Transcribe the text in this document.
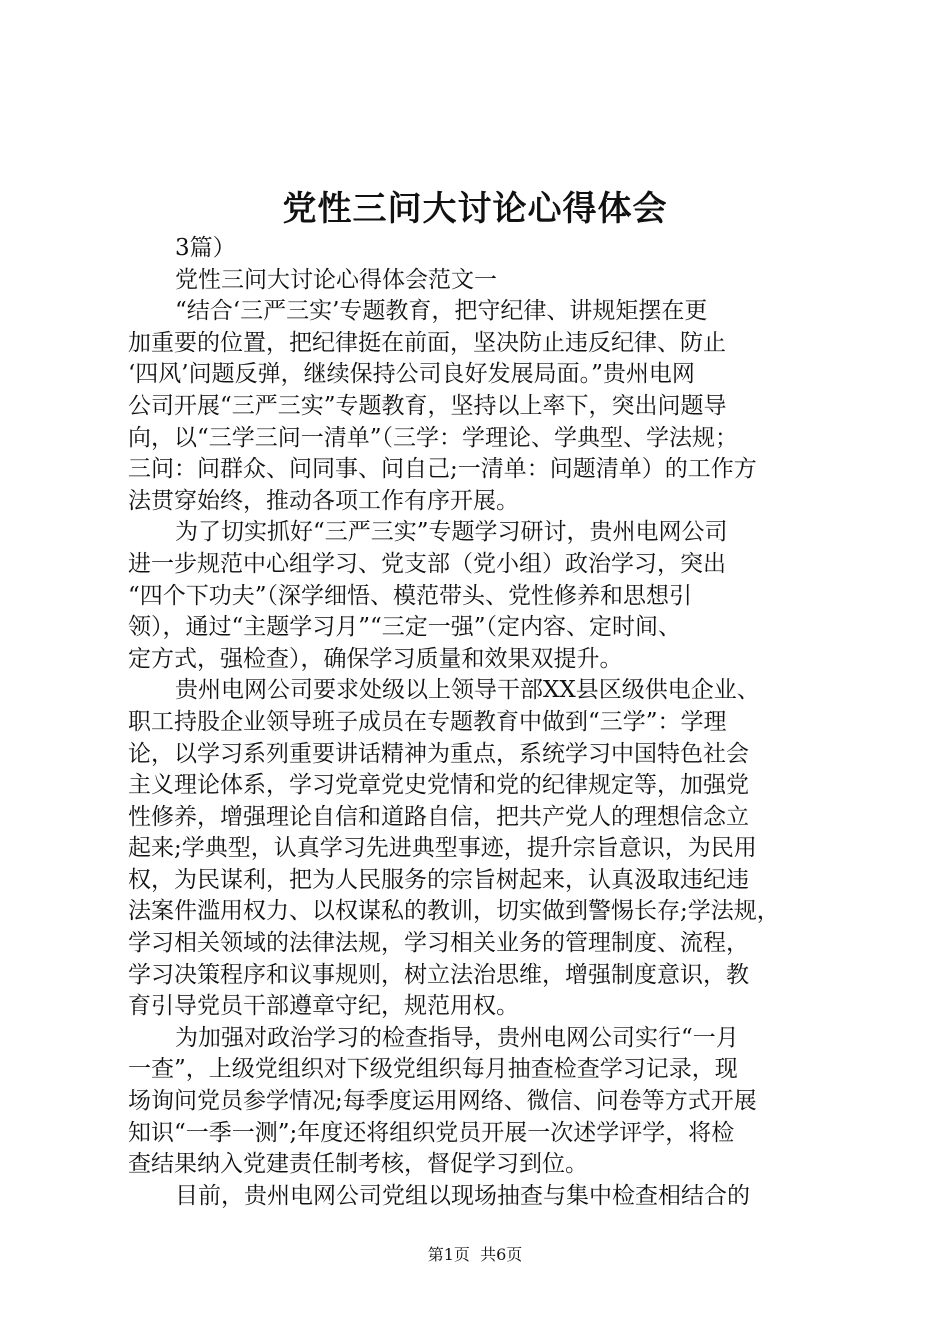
党性三问大讨论心得体会
3篇）
党性三问大讨论心得体会范文一
“结合‘三严三实’专题教育，把守纪律、讲规矩摆在更
加重要的位置，把纪律挺在前面，坚决防止违反纪律、防止
‘四风’问题反弹，继续保持公司良好发展局面。”贵州电网
公司开展“三严三实”专题教育，坚持以上率下，突出问题导
向，以“三学三问一清单”（三学：学理论、学典型、学法规；
三问：问群众、问同事、问自己;一清单：问题清单）的工作方
法贯穿始终，推动各项工作有序开展。
为了切实抓好“三严三实”专题学习研讨，贵州电网公司
进一步规范中心组学习、党支部（党小组）政治学习，突出
“四个下功夫”（深学细悟、模范带头、党性修养和思想引
领），通过“主题学习月”“三定一强”（定内容、定时间、
定方式，强检查），确保学习质量和效果双提升。
贵州电网公司要求处级以上领导干部XX县区级供电企业、
职工持股企业领导班子成员在专题教育中做到“三学”：学理
论，以学习系列重要讲话精神为重点，系统学习中国特色社会
主义理论体系，学习党章党史党情和党的纪律规定等，加强党
性修养，增强理论自信和道路自信，把共产党人的理想信念立
起来;学典型，认真学习先进典型事迹，提升宗旨意识，为民用
权，为民谋利，把为人民服务的宗旨树起来，认真汲取违纪违
法案件滥用权力、以权谋私的教训，切实做到警惕长存;学法规，
学习相关领域的法律法规，学习相关业务的管理制度、流程，
学习决策程序和议事规则，树立法治思维，增强制度意识，教
育引导党员干部遵章守纪，规范用权。
为加强对政治学习的检查指导，贵州电网公司实行“一月
一查”，上级党组织对下级党组织每月抽查检查学习记录，现
场询问党员参学情况;每季度运用网络、微信、问卷等方式开展
知识“一季一测”;年度还将组织党员开展一次述学评学，将检
查结果纳入党建责任制考核，督促学习到位。
目前，贵州电网公司党组以现场抽查与集中检查相结合的
第1页  共6页
